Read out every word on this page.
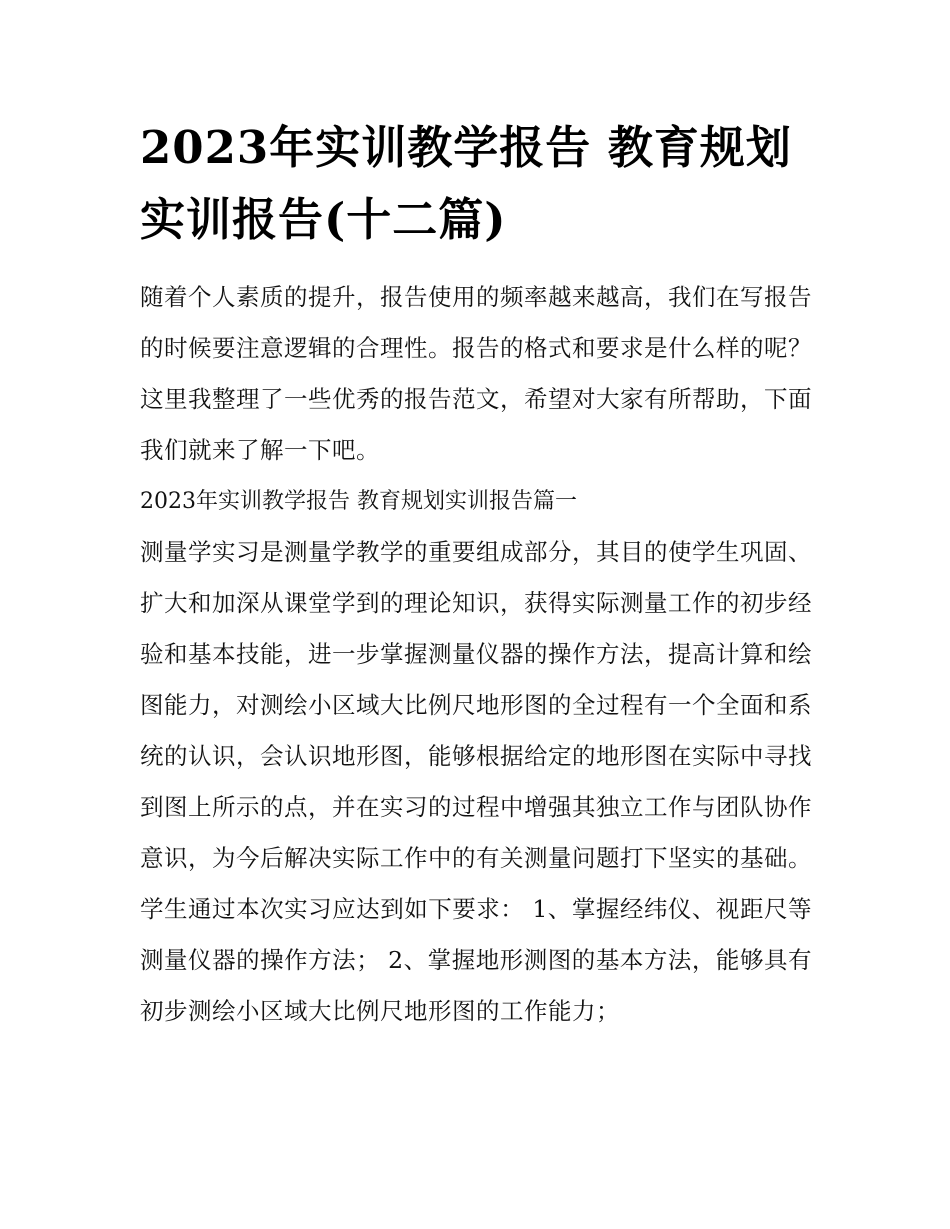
2023年实训教学报告 教育规划实训报告(十二篇)

随着个人素质的提升，报告使用的频率越来越高，我们在写报告的时候要注意逻辑的合理性。报告的格式和要求是什么样的呢？这里我整理了一些优秀的报告范文，希望对大家有所帮助，下面我们就来了解一下吧。

2023年实训教学报告 教育规划实训报告篇一

测量学实习是测量学教学的重要组成部分，其目的使学生巩固、扩大和加深从课堂学到的理论知识，获得实际测量工作的初步经验和基本技能，进一步掌握测量仪器的操作方法，提高计算和绘图能力，对测绘小区域大比例尺地形图的全过程有一个全面和系统的认识，会认识地形图，能够根据给定的地形图在实际中寻找到图上所示的点，并在实习的过程中增强其独立工作与团队协作意识，为今后解决实际工作中的有关测量问题打下坚实的基础。

学生通过本次实习应达到如下要求： 1、掌握经纬仪、视距尺等测量仪器的操作方法； 2、掌握地形测图的基本方法，能够具有初步测绘小区域大比例尺地形图的工作能力；
